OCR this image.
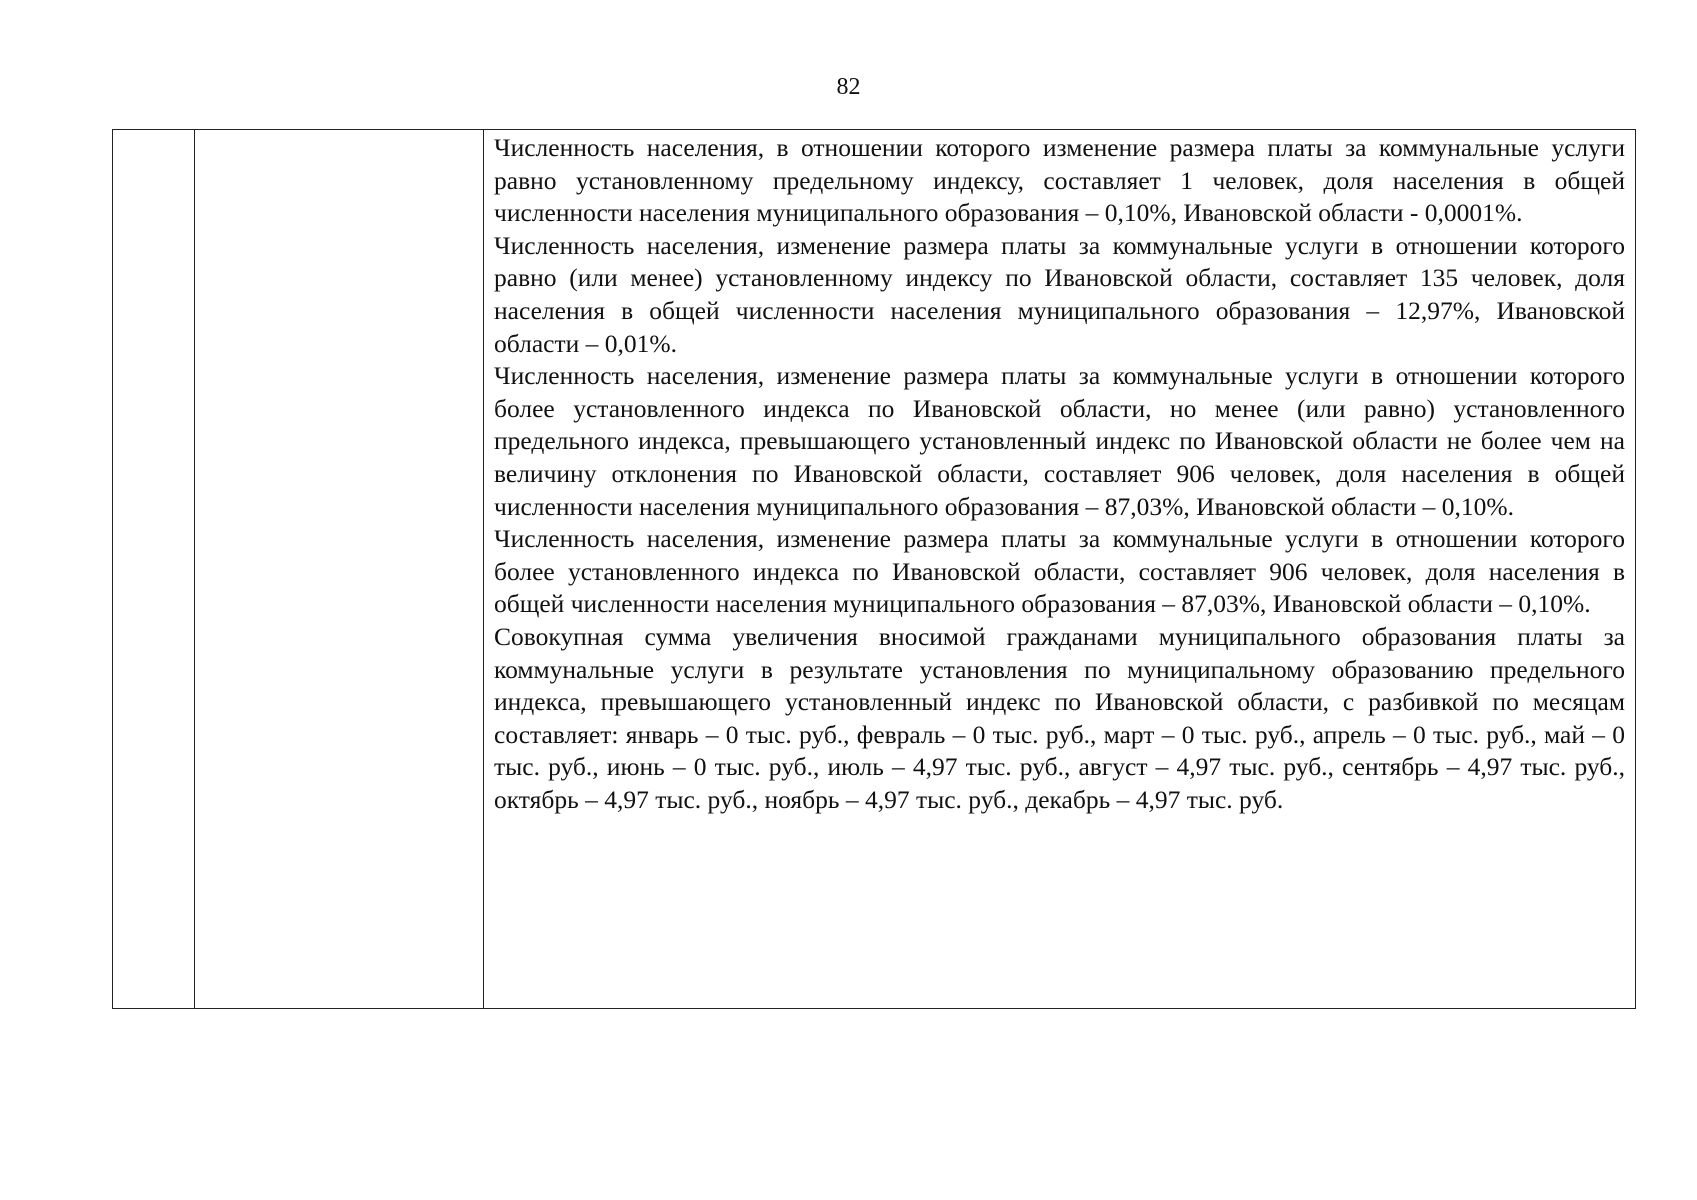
82

Численность населения, в отношении которого изменение размера платы за коммунальные услуги равно установленному предельному индексу, составляет 1 человек, доля населения в общей численности населения муниципального образования – 0,10%, Ивановской области - 0,0001%.

Численность населения, изменение размера платы за коммунальные услуги в отношении которого равно (или менее) установленному индексу по Ивановской области, составляет 135 человек, доля населения в общей численности населения муниципального образования – 12,97%, Ивановской области – 0,01%.

Численность населения, изменение размера платы за коммунальные услуги в отношении которого более установленного индекса по Ивановской области, но менее (или равно) установленного предельного индекса, превышающего установленный индекс по Ивановской области не более чем на величину отклонения по Ивановской области, составляет 906 человек, доля населения в общей численности населения муниципального образования – 87,03%, Ивановской области – 0,10%.

Численность населения, изменение размера платы за коммунальные услуги в отношении которого более установленного индекса по Ивановской области, составляет 906 человек, доля населения в общей численности населения муниципального образования – 87,03%, Ивановской области – 0,10%.

Совокупная сумма увеличения вносимой гражданами муниципального образования платы за коммунальные услуги в результате установления по муниципальному образованию предельного индекса, превышающего установленный индекс по Ивановской области, с разбивкой по месяцам составляет: январь – 0 тыс. руб., февраль – 0 тыс. руб., март – 0 тыс. руб., апрель – 0 тыс. руб., май – 0 тыс. руб., июнь – 0 тыс. руб., июль – 4,97 тыс. руб., август – 4,97 тыс. руб., сентябрь – 4,97 тыс. руб., октябрь – 4,97 тыс. руб., ноябрь – 4,97 тыс. руб., декабрь – 4,97 тыс. руб.
